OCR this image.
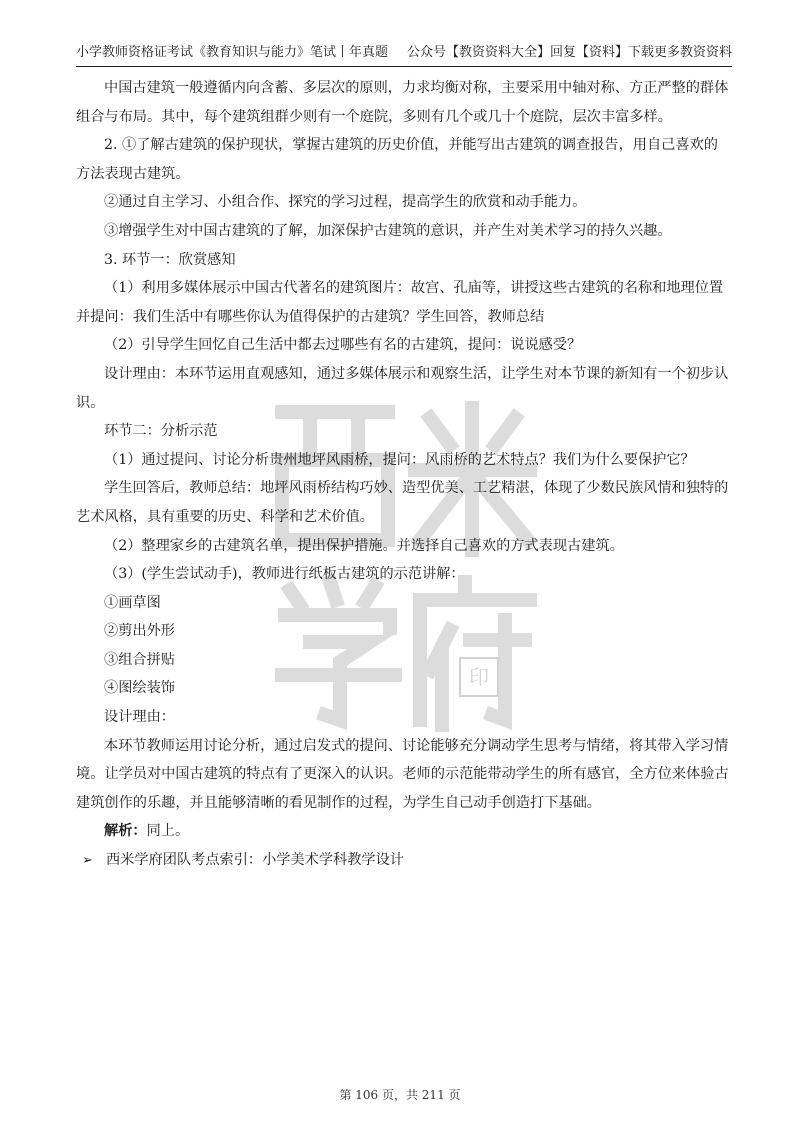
小学教师资格证考试《教育知识与能力》笔试丨年真题 公众号【教资资料大全】回复【资料】下载更多教资资料
印

中国古建筑一般遵循内向含蓄、多层次的原则，力求均衡对称，主要采用中轴对称、方正严整的群体组合与布局。其中，每个建筑组群少则有一个庭院，多则有几个或几十个庭院，层次丰富多样。

2. ①了解古建筑的保护现状，掌握古建筑的历史价值，并能写出古建筑的调查报告，用自己喜欢的方法表现古建筑。

②通过自主学习、小组合作、探究的学习过程，提高学生的欣赏和动手能力。

③增强学生对中国古建筑的了解，加深保护古建筑的意识，并产生对美术学习的持久兴趣。

3. 环节一：欣赏感知

（1）利用多媒体展示中国古代著名的建筑图片：故宫、孔庙等，讲授这些古建筑的名称和地理位置并提问：我们生活中有哪些你认为值得保护的古建筑？学生回答，教师总结

（2）引导学生回忆自己生活中都去过哪些有名的古建筑，提问：说说感受？

设计理由：本环节运用直观感知，通过多媒体展示和观察生活，让学生对本节课的新知有一个初步认识。

环节二：分析示范

（1）通过提问、讨论分析贵州地坪风雨桥，提问：风雨桥的艺术特点？我们为什么要保护它？

学生回答后，教师总结：地坪风雨桥结构巧妙、造型优美、工艺精湛，体现了少数民族风情和独特的艺术风格，具有重要的历史、科学和艺术价值。

（2）整理家乡的古建筑名单，提出保护措施。并选择自己喜欢的方式表现古建筑。

（3）(学生尝试动手)，教师进行纸板古建筑的示范讲解：

①画草图

②剪出外形

③组合拼贴

④图绘装饰

设计理由：

本环节教师运用讨论分析，通过启发式的提问、讨论能够充分调动学生思考与情绪，将其带入学习情境。让学员对中国古建筑的特点有了更深入的认识。老师的示范能带动学生的所有感官，全方位来体验古建筑创作的乐趣，并且能够清晰的看见制作的过程，为学生自己动手创造打下基础。

解析：同上。

➢ 西米学府团队考点索引：小学美术学科教学设计

第 106 页，共 211 页
